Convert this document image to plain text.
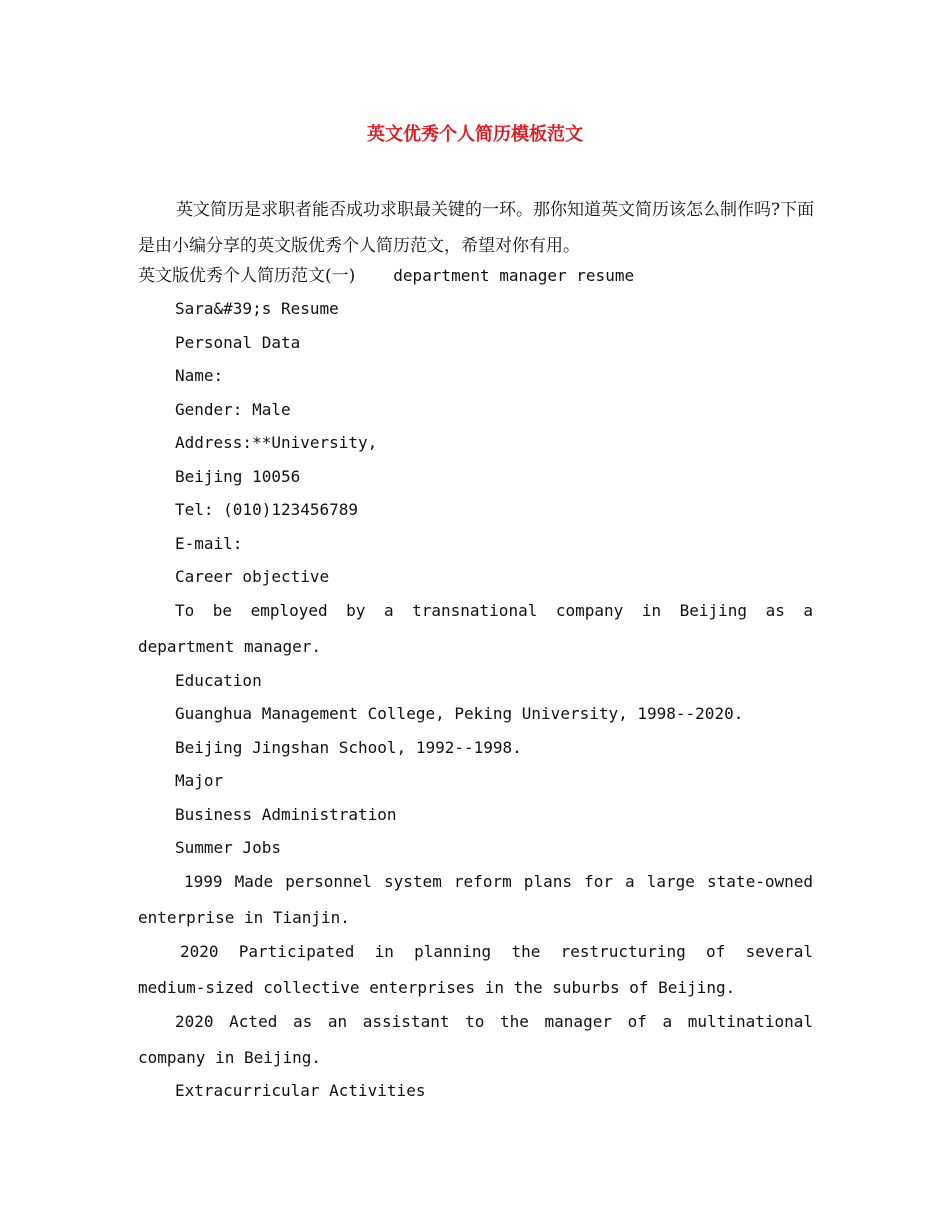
英文优秀个人简历模板范文

英文简历是求职者能否成功求职最关键的一环。那你知道英文简历该怎么制作吗?下面是由小编分享的英文版优秀个人简历范文，希望对你有用。

英文版优秀个人简历范文(一) department manager resume
Sara&#39;s Resume
Personal Data
Name:
Gender: Male
Address:**University,
Beijing 10056
Tel: (010)123456789
E-mail:
Career objective

To be employed by a transnational company in Beijing as a department manager.

Education
Guanghua Management College, Peking University, 1998--2020.
Beijing Jingshan School, 1992--1998.
Major
Business Administration
Summer Jobs

1999 Made personnel system reform plans for a large state-owned enterprise in Tianjin.

2020 Participated in planning the restructuring of several medium-sized collective enterprises in the suburbs of Beijing.

2020 Acted as an assistant to the manager of a multinational company in Beijing.

Extracurricular Activities
